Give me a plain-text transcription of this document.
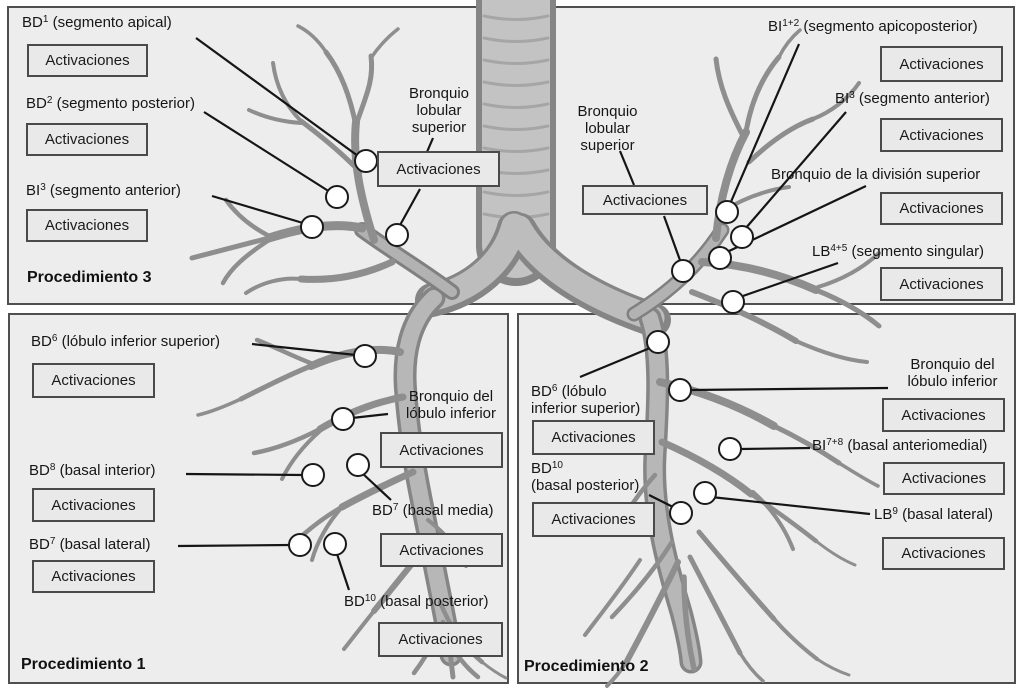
$BD^1$ (segmento apical)
Activaciones
$BD^2$ (segmento posterior)
Activaciones
$BI^3$ (segmento anterior)
Activaciones
Bronquio
lobular
superior
Activaciones
Bronquio
lobular
superior
Activaciones
$BI^{1+2}$ (segmento apicoposterior)
Activaciones
$BI^3$ (segmento anterior)
Activaciones
Bronquio de la división superior
Activaciones
$LB^{4+5}$ (segmento singular)
Activaciones
Procedimiento 3
$BD^6$ (lóbulo inferior superior)
Activaciones
Bronquio del
lóbulo inferior
Activaciones
$BD^8$ (basal interior)
Activaciones	$BD^7$ (basal media)
Activaciones
$BD^7$ (basal lateral)
Activaciones
BD$^{10}$ (basal posterior)
Activaciones
Procedimiento 1
$BD^6$ (lóbulo
inferior superior)
Activaciones
Bronquio del
lóbulo inferior
Activaciones
$BI^{7+8}$ (basal anteriomedial)
Activaciones
BD$^{10}$
(basal posterior)
Activaciones	$LB^9$ (basal lateral)
Activaciones
Procedimiento 2
